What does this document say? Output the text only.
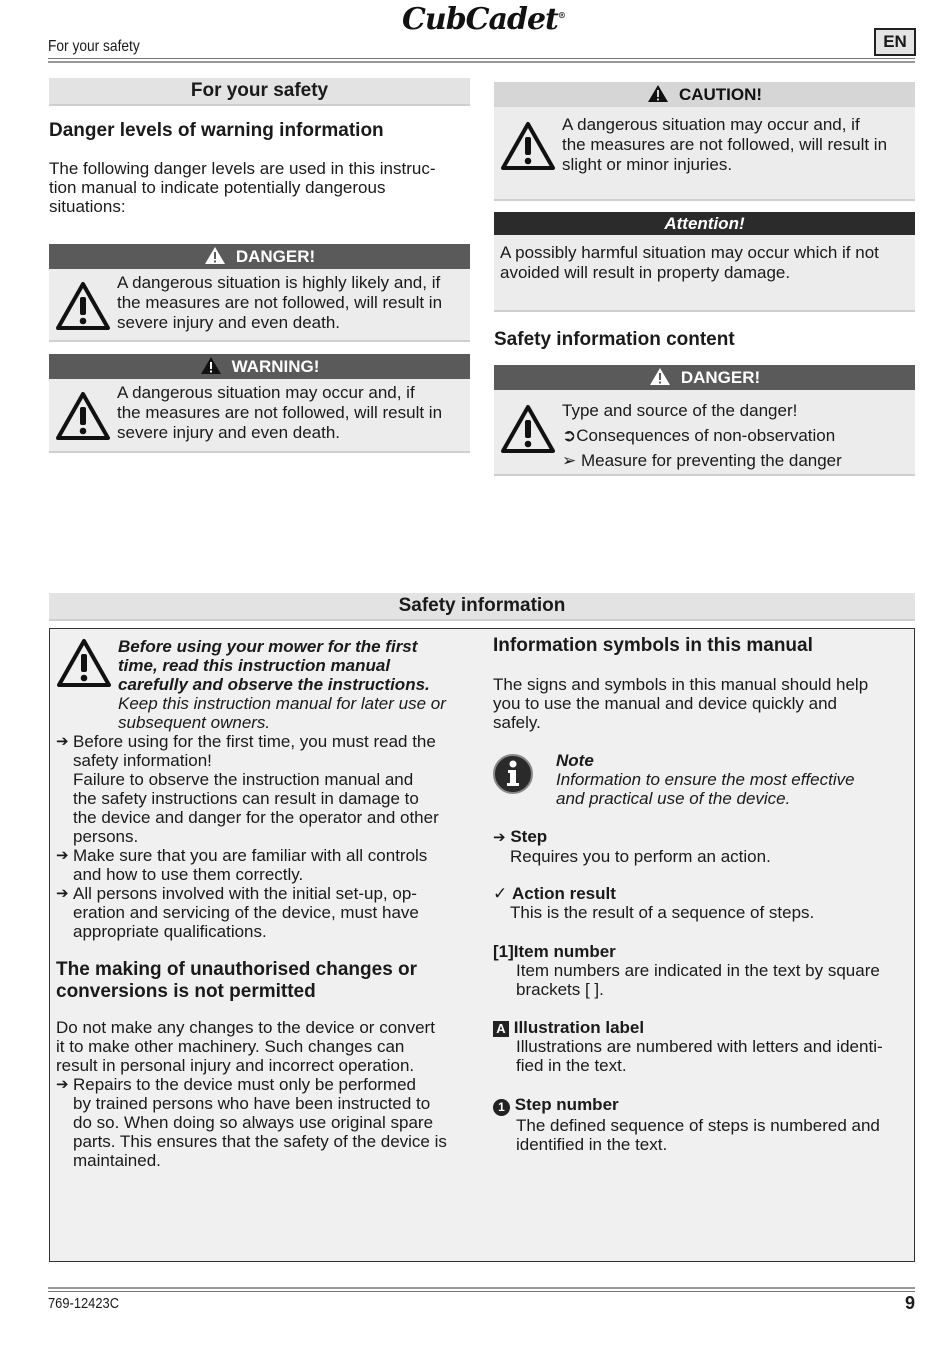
CubCadet®
For your safety	EN
For your safety
Danger levels of warning information
The following danger levels are used in this instruc-
tion manual to indicate potentially dangerous
situations:
DANGER!
A dangerous situation is highly likely and, if
the measures are not followed, will result in
severe injury and even death.
WARNING!
A dangerous situation may occur and, if
the measures are not followed, will result in
severe injury and even death.
CAUTION!
A dangerous situation may occur and, if
the measures are not followed, will result in
slight or minor injuries.
Attention!
A possibly harmful situation may occur which if not
avoided will result in property damage.
Safety information content
DANGER!
Type and source of the danger!
➲Consequences of non-observation
➢ Measure for preventing the danger
Safety information
Before using your mower for the first
time, read this instruction manual
carefully and observe the instructions.
Keep this instruction manual for later use or
subsequent owners.
➔ Before using for the first time, you must read the
safety information!
Failure to observe the instruction manual and
the safety instructions can result in damage to
the device and danger for the operator and other
persons.
➔ Make sure that you are familiar with all controls
and how to use them correctly.
➔ All persons involved with the initial set-up, op-
eration and servicing of the device, must have
appropriate qualifications.
The making of unauthorised changes or
conversions is not permitted
Do not make any changes to the device or convert
it to make other machinery. Such changes can
result in personal injury and incorrect operation.
➔ Repairs to the device must only be performed
by trained persons who have been instructed to
do so. When doing so always use original spare
parts. This ensures that the safety of the device is
maintained.
Information symbols in this manual
The signs and symbols in this manual should help
you to use the manual and device quickly and
safely.
Note
Information to ensure the most effective
and practical use of the device.
➔ Step
Requires you to perform an action.
✓ Action result
This is the result of a sequence of steps.
[1]Item number
Item numbers are indicated in the text by square
brackets [ ].
A Illustration label
Illustrations are numbered with letters and identi-
fied in the text.
1 Step number
The defined sequence of steps is numbered and
identified in the text.
769-12423C	9
